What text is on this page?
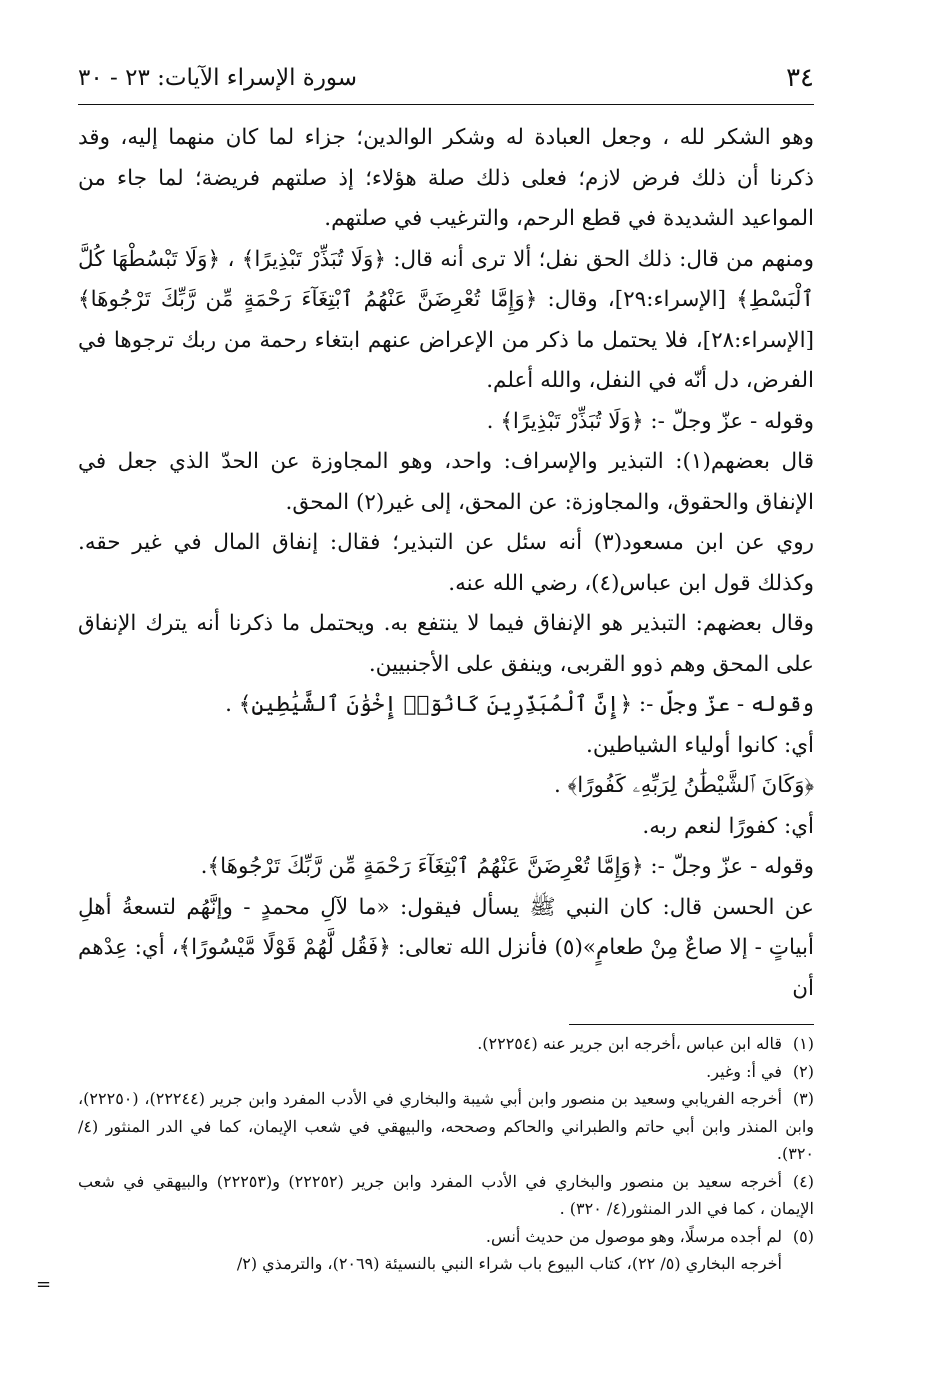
٣٤
سورة الإسراء الآيات: ٢٣ - ٣٠

وهو الشكر لله ، وجعل العبادة له وشكر الوالدين؛ جزاء لما كان منهما إليه، وقد ذكرنا أن ذلك فرض لازم؛ فعلى ذلك صلة هؤلاء؛ إذ صلتهم فريضة؛ لما جاء من المواعيد الشديدة في قطع الرحم، والترغيب في صلتهم.

ومنهم من قال: ذلك الحق نفل؛ ألا ترى أنه قال: ﴿وَلَا تُبَذِّرْ تَبْذِيرًا﴾ ، ﴿وَلَا تَبْسُطْهَا كُلَّ ٱلْبَسْطِ﴾ [الإسراء:٢٩]، وقال: ﴿وَإِمَّا تُعْرِضَنَّ عَنْهُمُ ٱبْتِغَآءَ رَحْمَةٍ مِّن رَّبِّكَ تَرْجُوهَا﴾ [الإسراء:٢٨]، فلا يحتمل ما ذكر من الإعراض عنهم ابتغاء رحمة من ربك ترجوها في الفرض، دل أنّه في النفل، والله أعلم.

وقوله - عزّ وجلّ -: ﴿وَلَا تُبَذِّرْ تَبْذِيرًا﴾ .

قال بعضهم(١): التبذير والإسراف: واحد، وهو المجاوزة عن الحدّ الذي جعل في الإنفاق والحقوق، والمجاوزة: عن المحق، إلى غير(٢) المحق.

روي عن ابن مسعود(٣) أنه سئل عن التبذير؛ فقال: إنفاق المال في غير حقه. وكذلك قول ابن عباس(٤)، رضي الله عنه.

وقال بعضهم: التبذير هو الإنفاق فيما لا ينتفع به. ويحتمل ما ذكرنا أنه يترك الإنفاق على المحق وهم ذوو القربى، وينفق على الأجنبيين.

وقوله - عزّ وجلّ -: ﴿إِنَّ ٱلْمُبَذِّرِينَ كَانُوٓا۟ إِخْوَٰنَ ٱلشَّيَٰطِينِ﴾ .

أي: كانوا أولياء الشياطين.

﴿وَكَانَ ٱلشَّيْطَٰنُ لِرَبِّهِۦ كَفُورًا﴾ .

أي: كفورًا لنعم ربه.

وقوله - عزّ وجلّ -: ﴿وَإِمَّا تُعْرِضَنَّ عَنْهُمُ ٱبْتِغَآءَ رَحْمَةٍ مِّن رَّبِّكَ تَرْجُوهَا﴾.

عن الحسن قال: كان النبي ﷺ يسأل فيقول: «ما لآلِ محمدٍ - وإنَّهُم لتسعةُ أهلِ أبياتٍ - إلا صاعٌ مِنْ طعامٍ»(٥) فأنزل الله تعالى: ﴿فَقُل لَّهُمْ قَوْلًا مَّيْسُورًا﴾، أي: عِدْهم أن

(١)قاله ابن عباس ،أخرجه ابن جرير عنه (٢٢٢٥٤).

(٢)في أ: وغير.

(٣)أخرجه الفريابي وسعيد بن منصور وابن أبي شيبة والبخاري في الأدب المفرد وابن جرير (٢٢٢٤٤)، (٢٢٢٥٠)، وابن المنذر وابن أبي حاتم والطبراني والحاكم وصححه، والبيهقي في شعب الإيمان، كما في الدر المنثور (٤/ ٣٢٠).

(٤)أخرجه سعيد بن منصور والبخاري في الأدب المفرد وابن جرير (٢٢٢٥٢) و(٢٢٢٥٣) والبيهقي في شعب الإيمان ، كما في الدر المنثور(٤/ ٣٢٠) .

(٥)لم أجده مرسلًا، وهو موصول من حديث أنس.

أخرجه البخاري (٥/ ٢٢)، كتاب البيوع باب شراء النبي بالنسيئة (٢٠٦٩)، والترمذي (٢/

=
